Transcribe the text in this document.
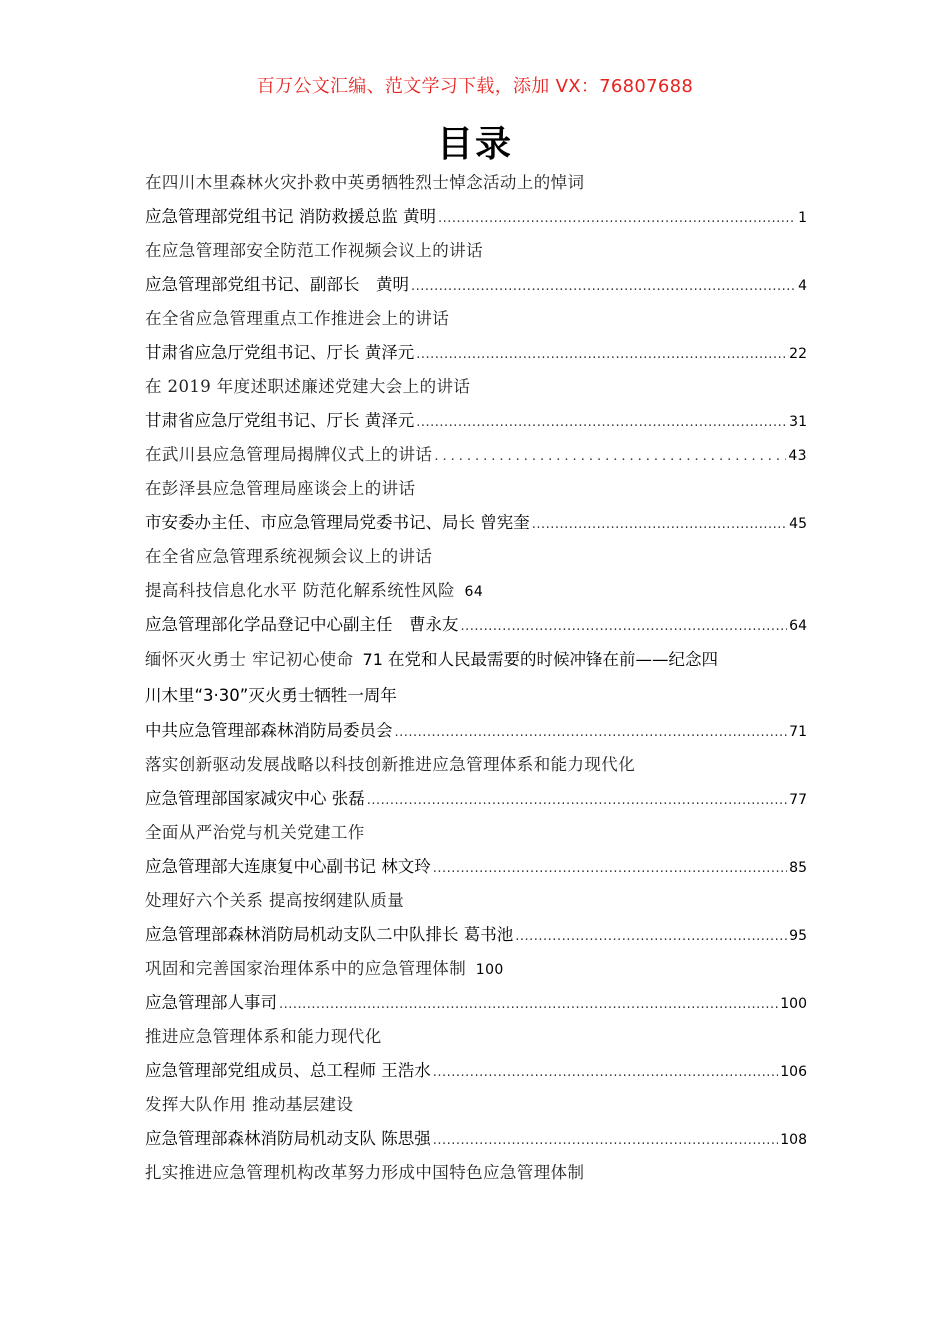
百万公文汇编、范文学习下载，添加 VX：76807688
目录
在四川木里森林火灾扑救中英勇牺牲烈士悼念活动上的悼词
应急管理部党组书记 消防救援总监 黄明 .....	1
在应急管理部安全防范工作视频会议上的讲话
应急管理部党组书记、副部长　黄明 .....	4
在全省应急管理重点工作推进会上的讲话
甘肃省应急厅党组书记、厅长 黄泽元 .....	22
在 2019 年度述职述廉述党建大会上的讲话
甘肃省应急厅党组书记、厅长 黄泽元 .....	31
在武川县应急管理局揭牌仪式上的讲话 .....	43
在彭泽县应急管理局座谈会上的讲话
市安委办主任、市应急管理局党委书记、局长 曾宪奎 .....	45
在全省应急管理系统视频会议上的讲话
提高科技信息化水平 防范化解系统性风险 64
应急管理部化学品登记中心副主任　曹永友 .....	64
缅怀灭火勇士 牢记初心使命 71 在党和人民最需要的时候冲锋在前——纪念四
川木里“3·30”灭火勇士牺牲一周年
中共应急管理部森林消防局委员会 .....	71
落实创新驱动发展战略以科技创新推进应急管理体系和能力现代化
应急管理部国家减灾中心 张磊 .....	77
全面从严治党与机关党建工作
应急管理部大连康复中心副书记 林文玲 .....	85
处理好六个关系 提高按纲建队质量
应急管理部森林消防局机动支队二中队排长 葛书池 .....	95
巩固和完善国家治理体系中的应急管理体制 100
应急管理部人事司 .....	100
推进应急管理体系和能力现代化
应急管理部党组成员、总工程师 王浩水 .....	106
发挥大队作用 推动基层建设
应急管理部森林消防局机动支队 陈思强 .....	108
扎实推进应急管理机构改革努力形成中国特色应急管理体制
